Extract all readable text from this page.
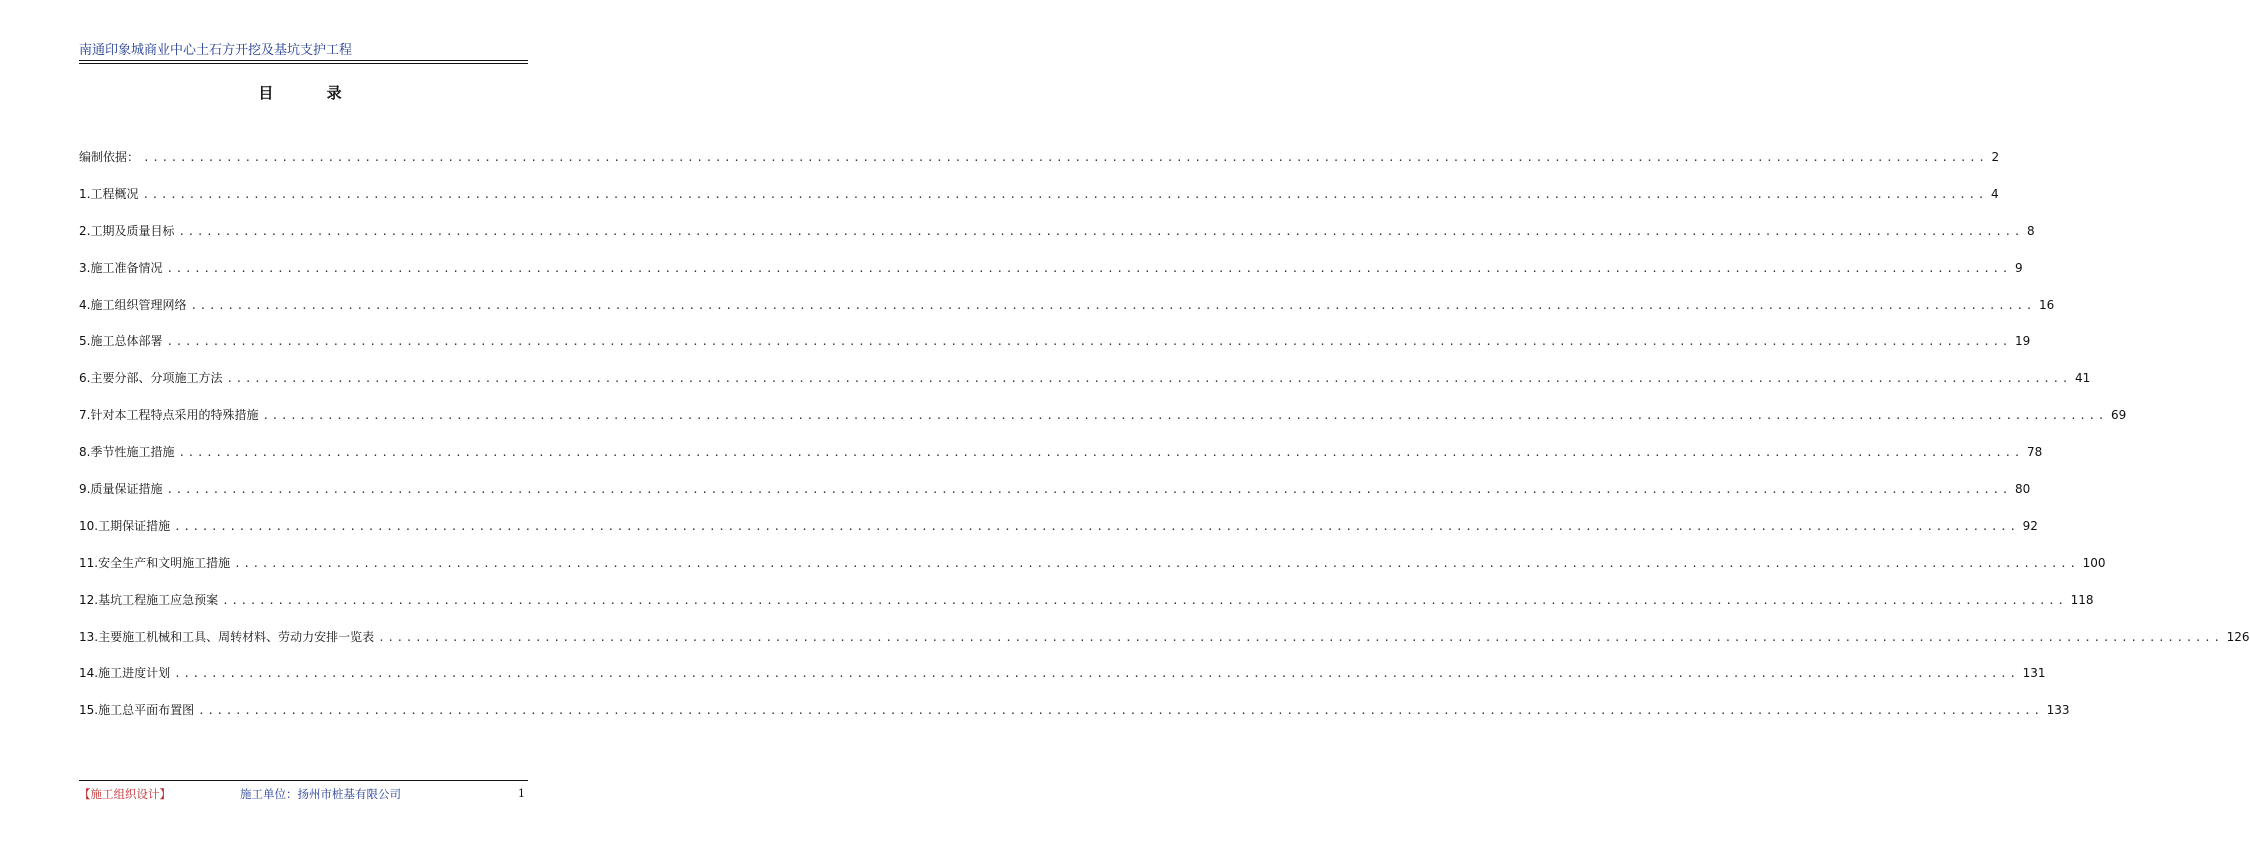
南通印象城商业中心土石方开挖及基坑支护工程
目 录
编制依据： ........................................................................................................................................................................................................ 2
1.工程概况 ........................................................................................................................................................................................................ 4
2.工期及质量目标 ........................................................................................................................................................................................................ 8
3.施工准备情况 ........................................................................................................................................................................................................ 9
4.施工组织管理网络 ........................................................................................................................................................................................................ 16
5.施工总体部署 ........................................................................................................................................................................................................ 19
6.主要分部、分项施工方法 ........................................................................................................................................................................................................ 41
7.针对本工程特点采用的特殊措施 ........................................................................................................................................................................................................ 69
8.季节性施工措施 ........................................................................................................................................................................................................ 78
9.质量保证措施 ........................................................................................................................................................................................................ 80
10.工期保证措施 ........................................................................................................................................................................................................ 92
11.安全生产和文明施工措施 ........................................................................................................................................................................................................ 100
12.基坑工程施工应急预案 ........................................................................................................................................................................................................ 118
13.主要施工机械和工具、周转材料、劳动力安排一览表 ........................................................................................................................................................................................................ 126
14.施工进度计划 ........................................................................................................................................................................................................ 131
15.施工总平面布置图 ........................................................................................................................................................................................................ 133
【施工组织设计】	施工单位：扬州市桩基有限公司	1
